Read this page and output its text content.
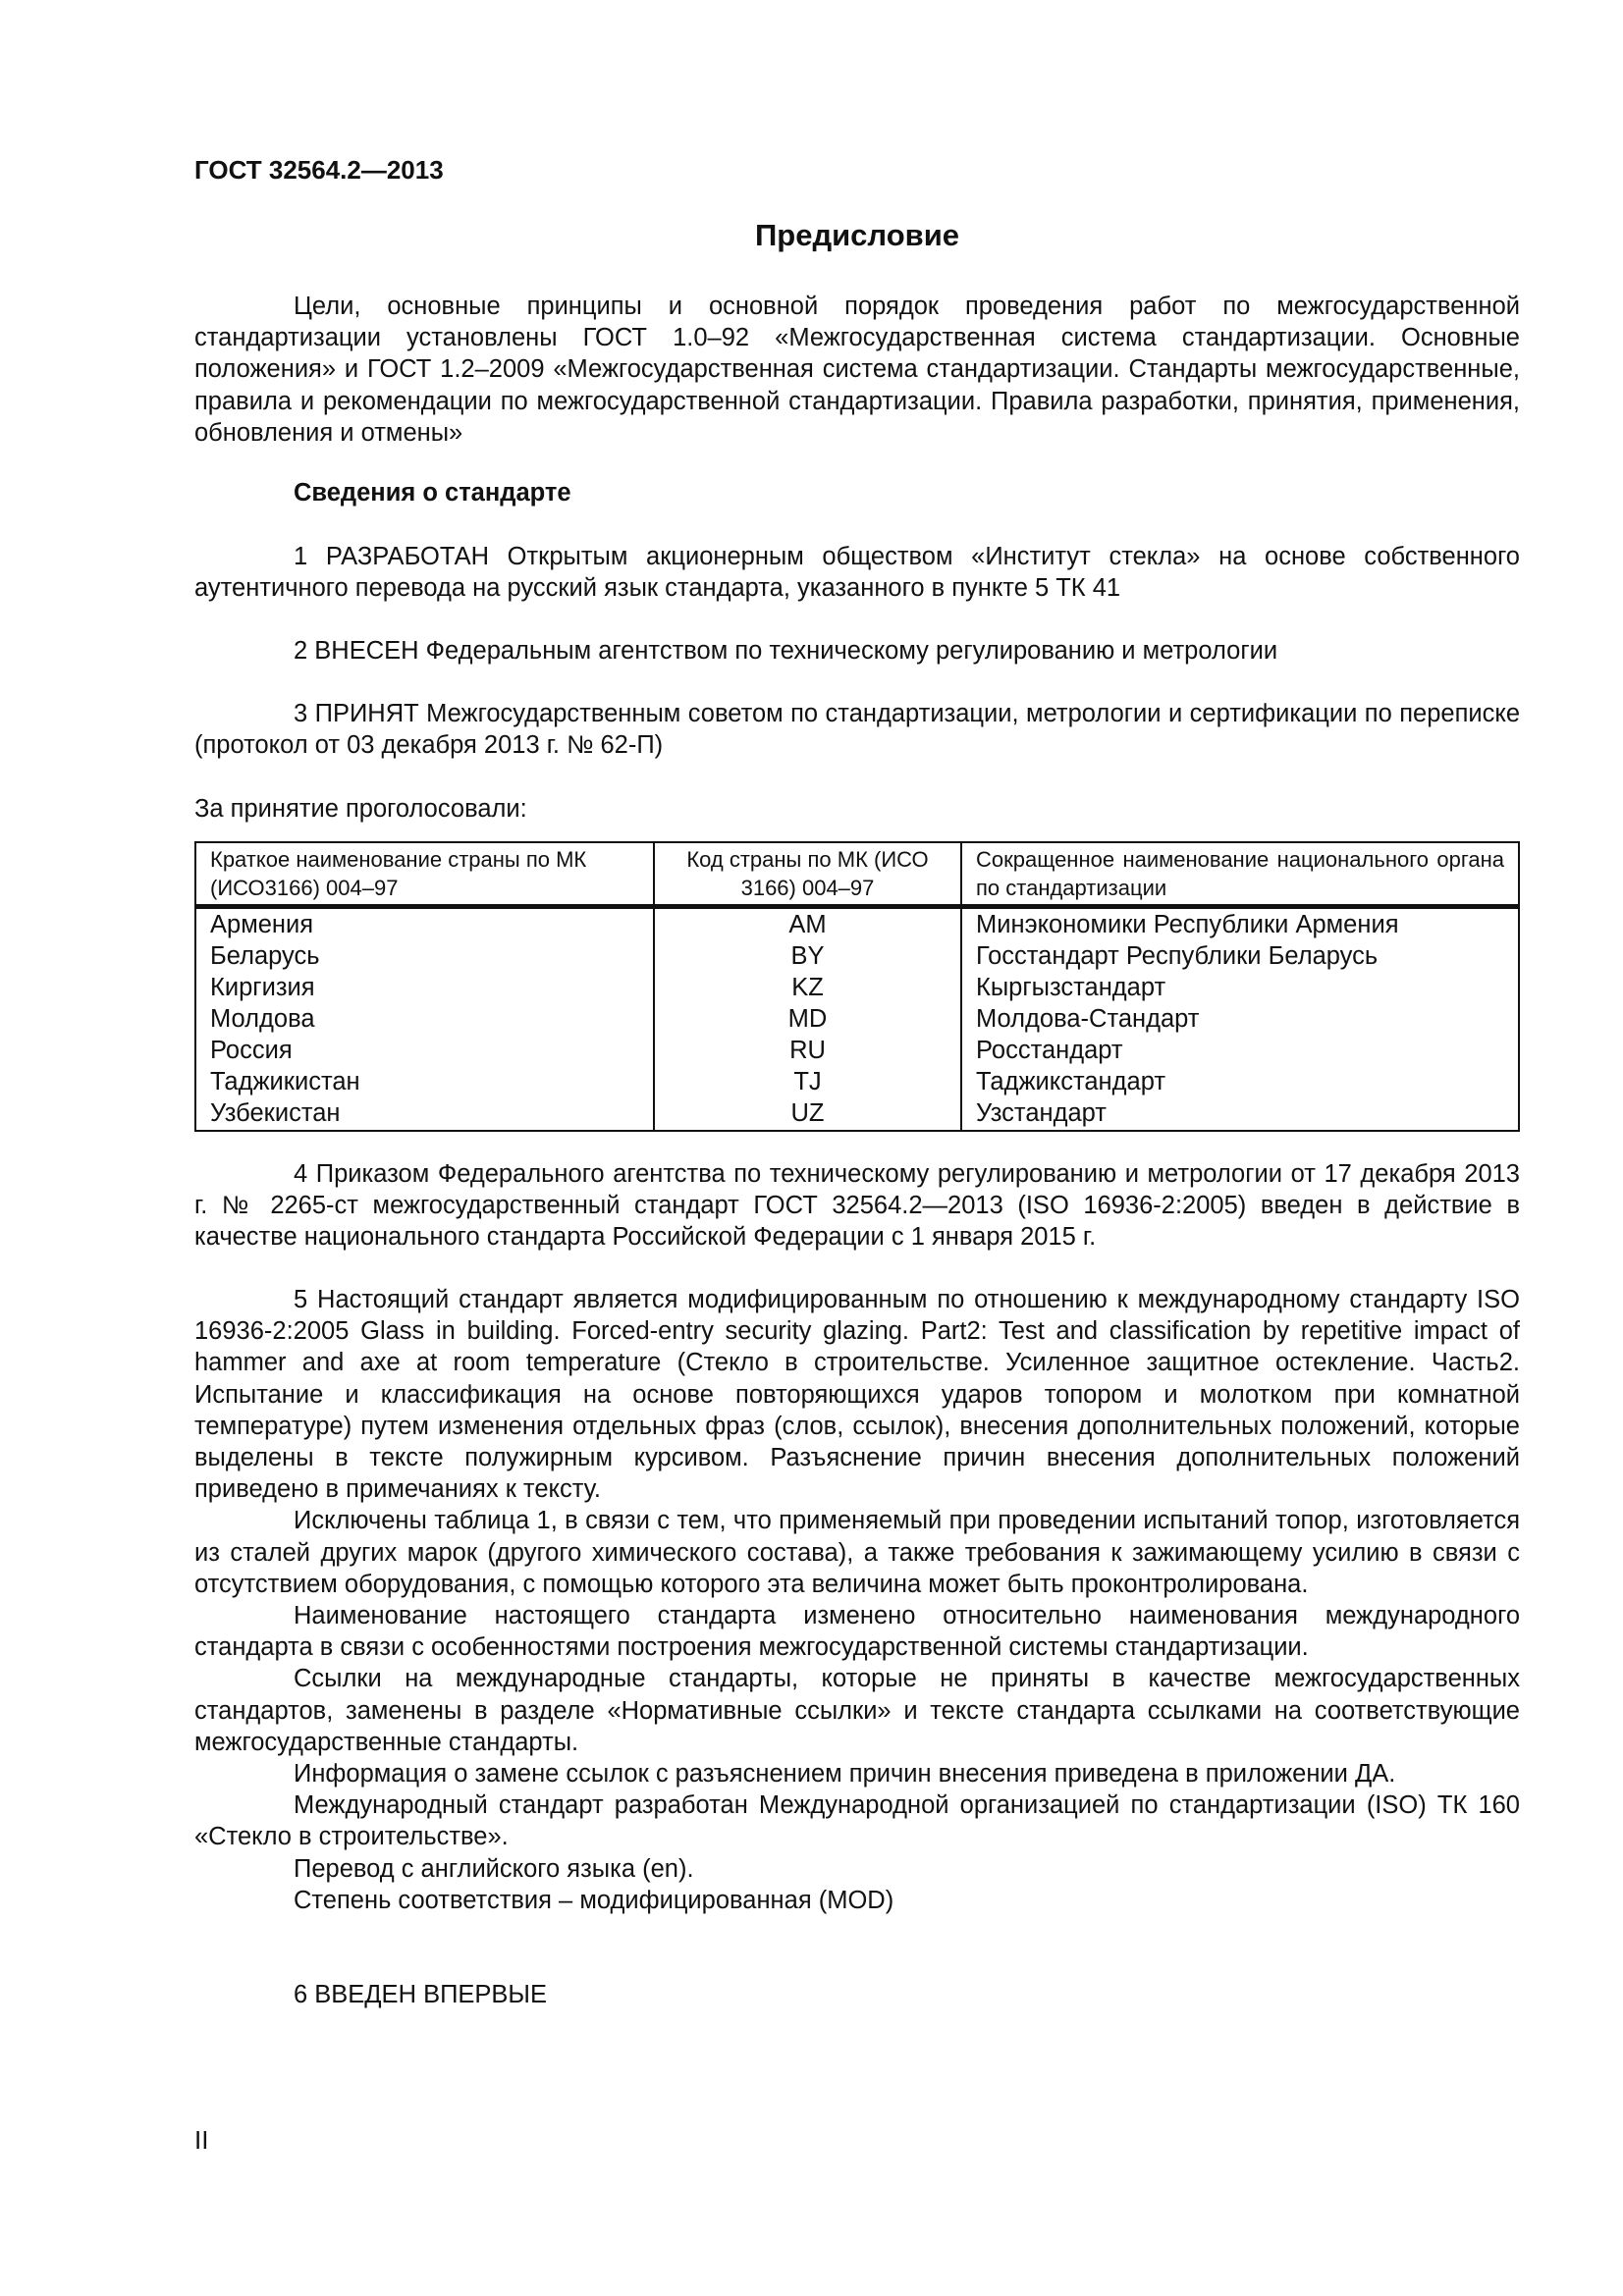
ГОСТ 32564.2—2013

Предисловие

Цели, основные принципы и основной порядок проведения работ по межгосударственной стандартизации установлены ГОСТ 1.0–92 «Межгосударственная система стандартизации. Основные положения» и ГОСТ 1.2–2009 «Межгосударственная система стандартизации. Стандарты межгосударственные, правила и рекомендации по межгосударственной стандартизации. Правила разработки, принятия, применения, обновления и отмены»

Сведения о стандарте

1 РАЗРАБОТАН Открытым акционерным обществом «Институт стекла» на основе собственного аутентичного перевода на русский язык стандарта, указанного в пункте 5 ТК 41

2 ВНЕСЕН Федеральным агентством по техническому регулированию и метрологии

3 ПРИНЯТ Межгосударственным советом по стандартизации, метрологии и сертификации по переписке (протокол от 03 декабря 2013 г. № 62-П)

За принятие проголосовали:

Краткое наименование страны по МК (ИСО3166) 004–97	Код страны по МК (ИСО 3166) 004–97	Сокращенное наименование национального органа по стандартизации
Армения	AM	Минэкономики Республики Армения
Беларусь	BY	Госстандарт Республики Беларусь
Киргизия	KZ	Кыргызстандарт
Молдова	MD	Молдова-Стандарт
Россия	RU	Росстандарт
Таджикистан	TJ	Таджикстандарт
Узбекистан	UZ	Узстандарт

4 Приказом Федерального агентства по техническому регулированию и метрологии от 17 декабря 2013 г. № 2265-ст межгосударственный стандарт ГОСТ 32564.2—2013 (ISO 16936-2:2005) введен в действие в качестве национального стандарта Российской Федерации с 1 января 2015 г.

5 Настоящий стандарт является модифицированным по отношению к международному стандарту ISO 16936-2:2005 Glass in building. Forced-entry security glazing. Part2: Test and classification by repetitive impact of hammer and axe at room temperature (Стекло в строительстве. Усиленное защитное остекление. Часть2. Испытание и классификация на основе повторяющихся ударов топором и молотком при комнатной температуре) путем изменения отдельных фраз (слов, ссылок), внесения дополнительных положений, которые выделены в тексте полужирным курсивом. Разъяснение причин внесения дополнительных положений приведено в примечаниях к тексту.

Исключены таблица 1, в связи с тем, что применяемый при проведении испытаний топор, изготовляется из сталей других марок (другого химического состава), а также требования к зажимающему усилию в связи с отсутствием оборудования, с помощью которого эта величина может быть проконтролирована.

Наименование настоящего стандарта изменено относительно наименования международного стандарта в связи с особенностями построения межгосударственной системы стандартизации.

Ссылки на международные стандарты, которые не приняты в качестве межгосударственных стандартов, заменены в разделе «Нормативные ссылки» и тексте стандарта ссылками на соответствующие межгосударственные стандарты.

Информация о замене ссылок с разъяснением причин внесения приведена в приложении ДА.

Международный стандарт разработан Международной организацией по стандартизации (ISO) ТК 160 «Стекло в строительстве».

Перевод с английского языка (en).

Степень соответствия – модифицированная (MOD)

6 ВВЕДЕН ВПЕРВЫЕ

II
